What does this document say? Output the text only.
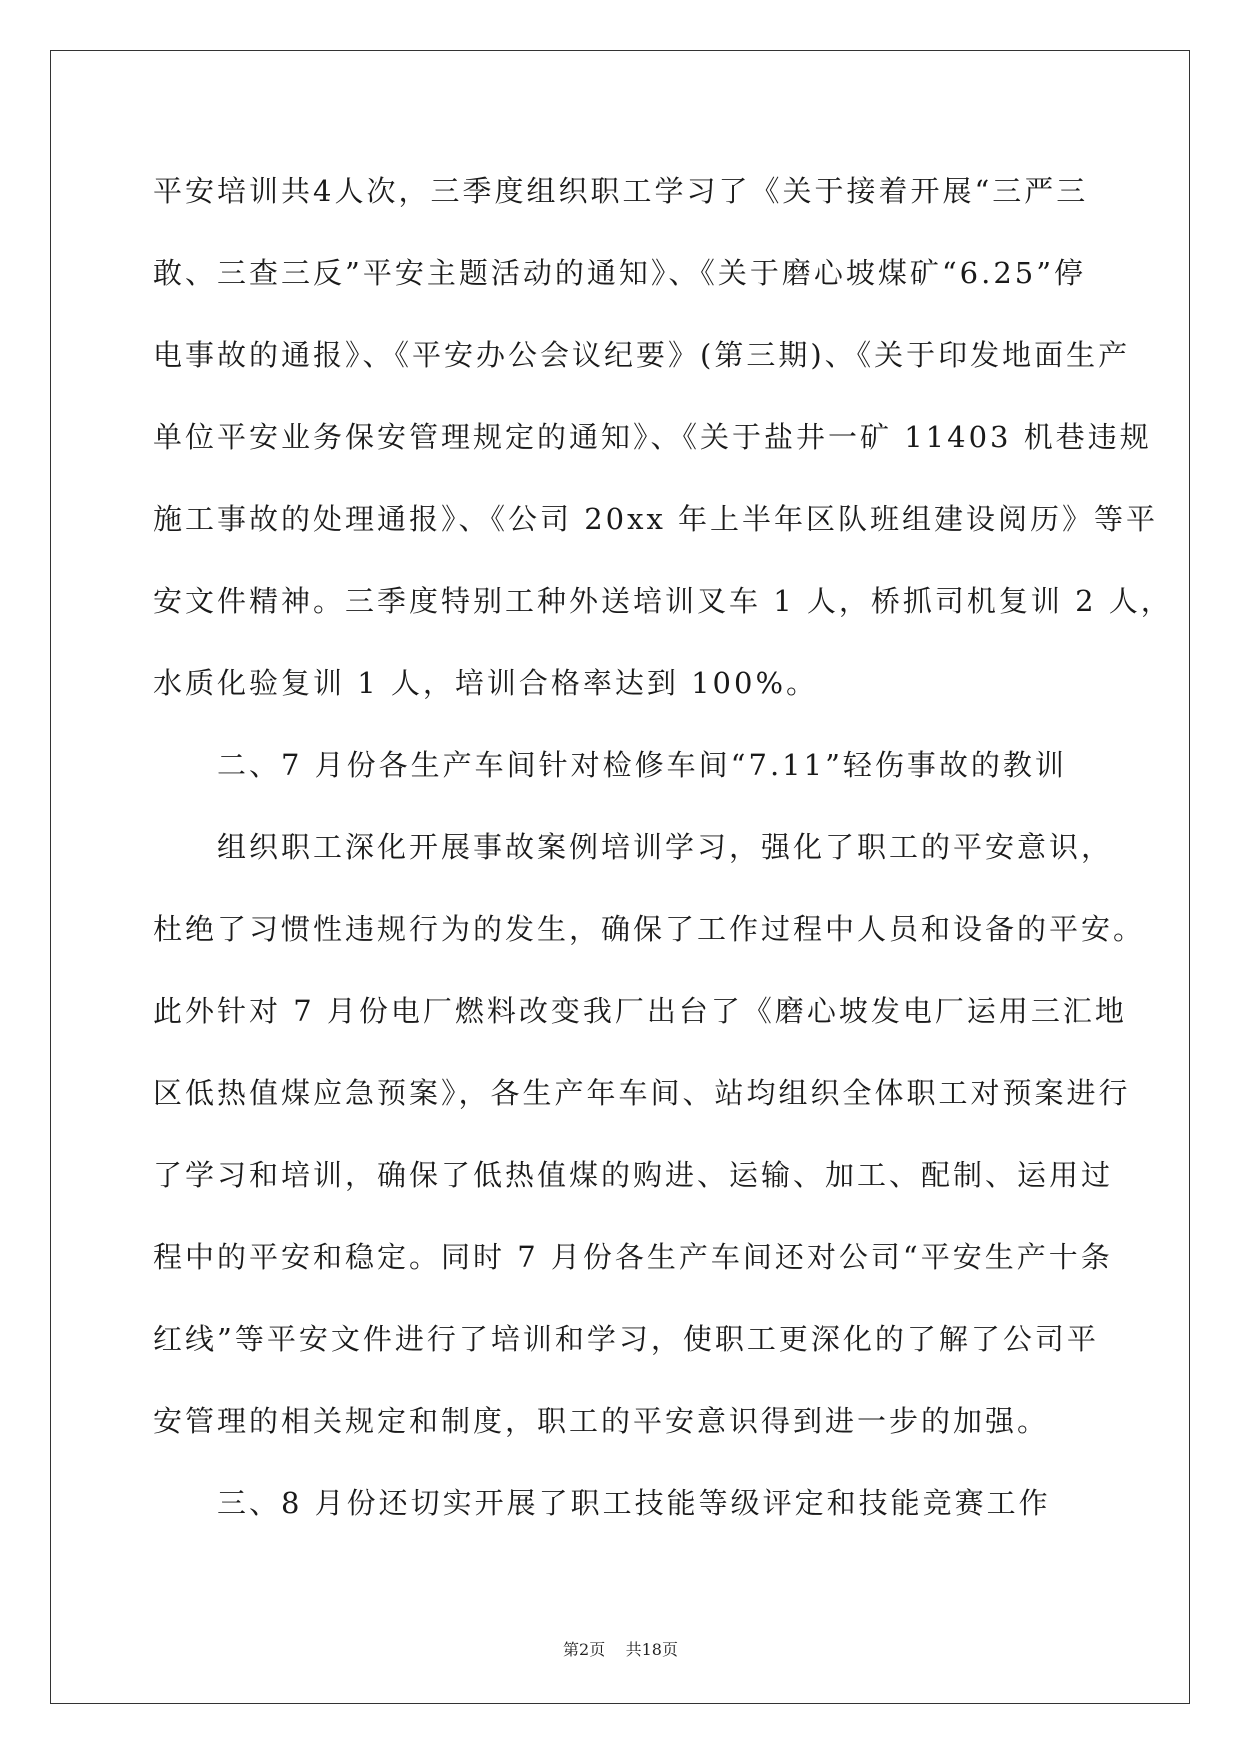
平安培训共4人次，三季度组织职工学习了《关于接着开展“三严三
敢、三查三反”平安主题活动的通知》、《关于磨心坡煤矿“6.25”停
电事故的通报》、《平安办公会议纪要》(第三期)、《关于印发地面生产
单位平安业务保安管理规定的通知》、《关于盐井一矿 11403 机巷违规
施工事故的处理通报》、《公司 20xx 年上半年区队班组建设阅历》等平
安文件精神。三季度特别工种外送培训叉车 1 人，桥抓司机复训 2 人，
水质化验复训 1 人，培训合格率达到 100%。
二、7 月份各生产车间针对检修车间“7.11”轻伤事故的教训
组织职工深化开展事故案例培训学习，强化了职工的平安意识，
杜绝了习惯性违规行为的发生，确保了工作过程中人员和设备的平安。
此外针对 7 月份电厂燃料改变我厂出台了《磨心坡发电厂运用三汇地
区低热值煤应急预案》，各生产年车间、站均组织全体职工对预案进行
了学习和培训，确保了低热值煤的购进、运输、加工、配制、运用过
程中的平安和稳定。同时 7 月份各生产车间还对公司“平安生产十条
红线”等平安文件进行了培训和学习，使职工更深化的了解了公司平
安管理的相关规定和制度，职工的平安意识得到进一步的加强。
三、8 月份还切实开展了职工技能等级评定和技能竞赛工作
第2页 共18页
